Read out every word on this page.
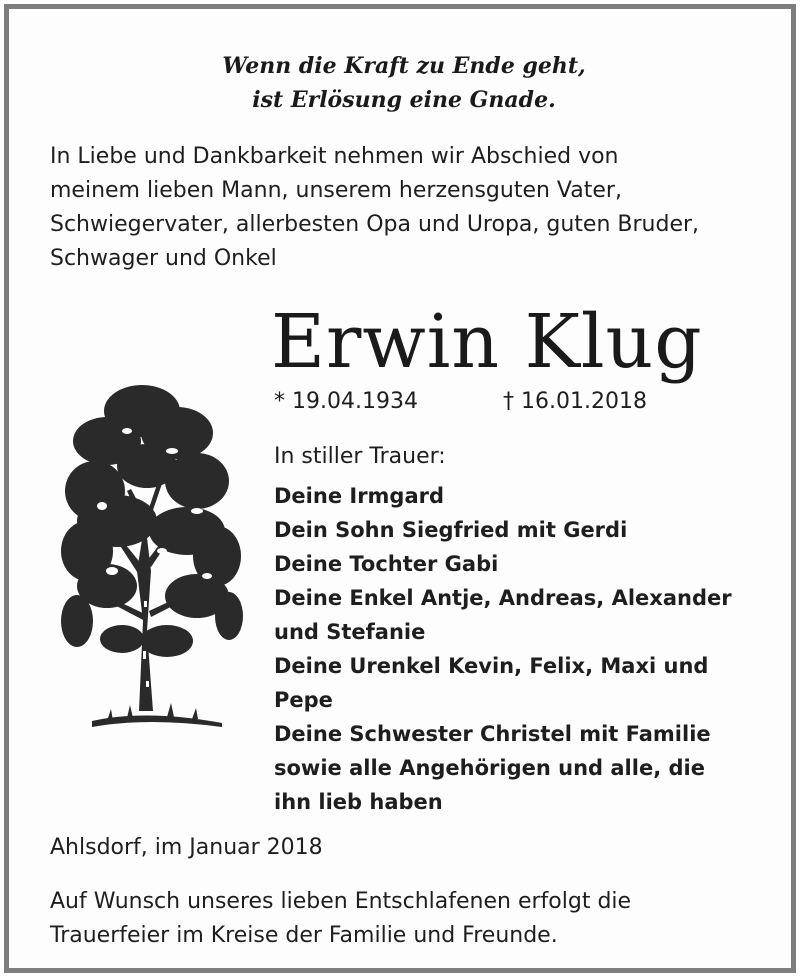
Wenn die Kraft zu Ende geht,
ist Erlösung eine Gnade.
In Liebe und Dankbarkeit nehmen wir Abschied von
meinem lieben Mann, unserem herzensguten Vater,
Schwiegervater, allerbesten Opa und Uropa, guten Bruder,
Schwager und Onkel
Erwin Klug
* 19.04.1934	† 16.01.2018
In stiller Trauer:
Deine Irmgard
Dein Sohn Siegfried mit Gerdi
Deine Tochter Gabi
Deine Enkel Antje, Andreas, Alexander
und Stefanie
Deine Urenkel Kevin, Felix, Maxi und
Pepe
Deine Schwester Christel mit Familie
sowie alle Angehörigen und alle, die
ihn lieb haben
Ahlsdorf, im Januar 2018
Auf Wunsch unseres lieben Entschlafenen erfolgt die
Trauerfeier im Kreise der Familie und Freunde.
